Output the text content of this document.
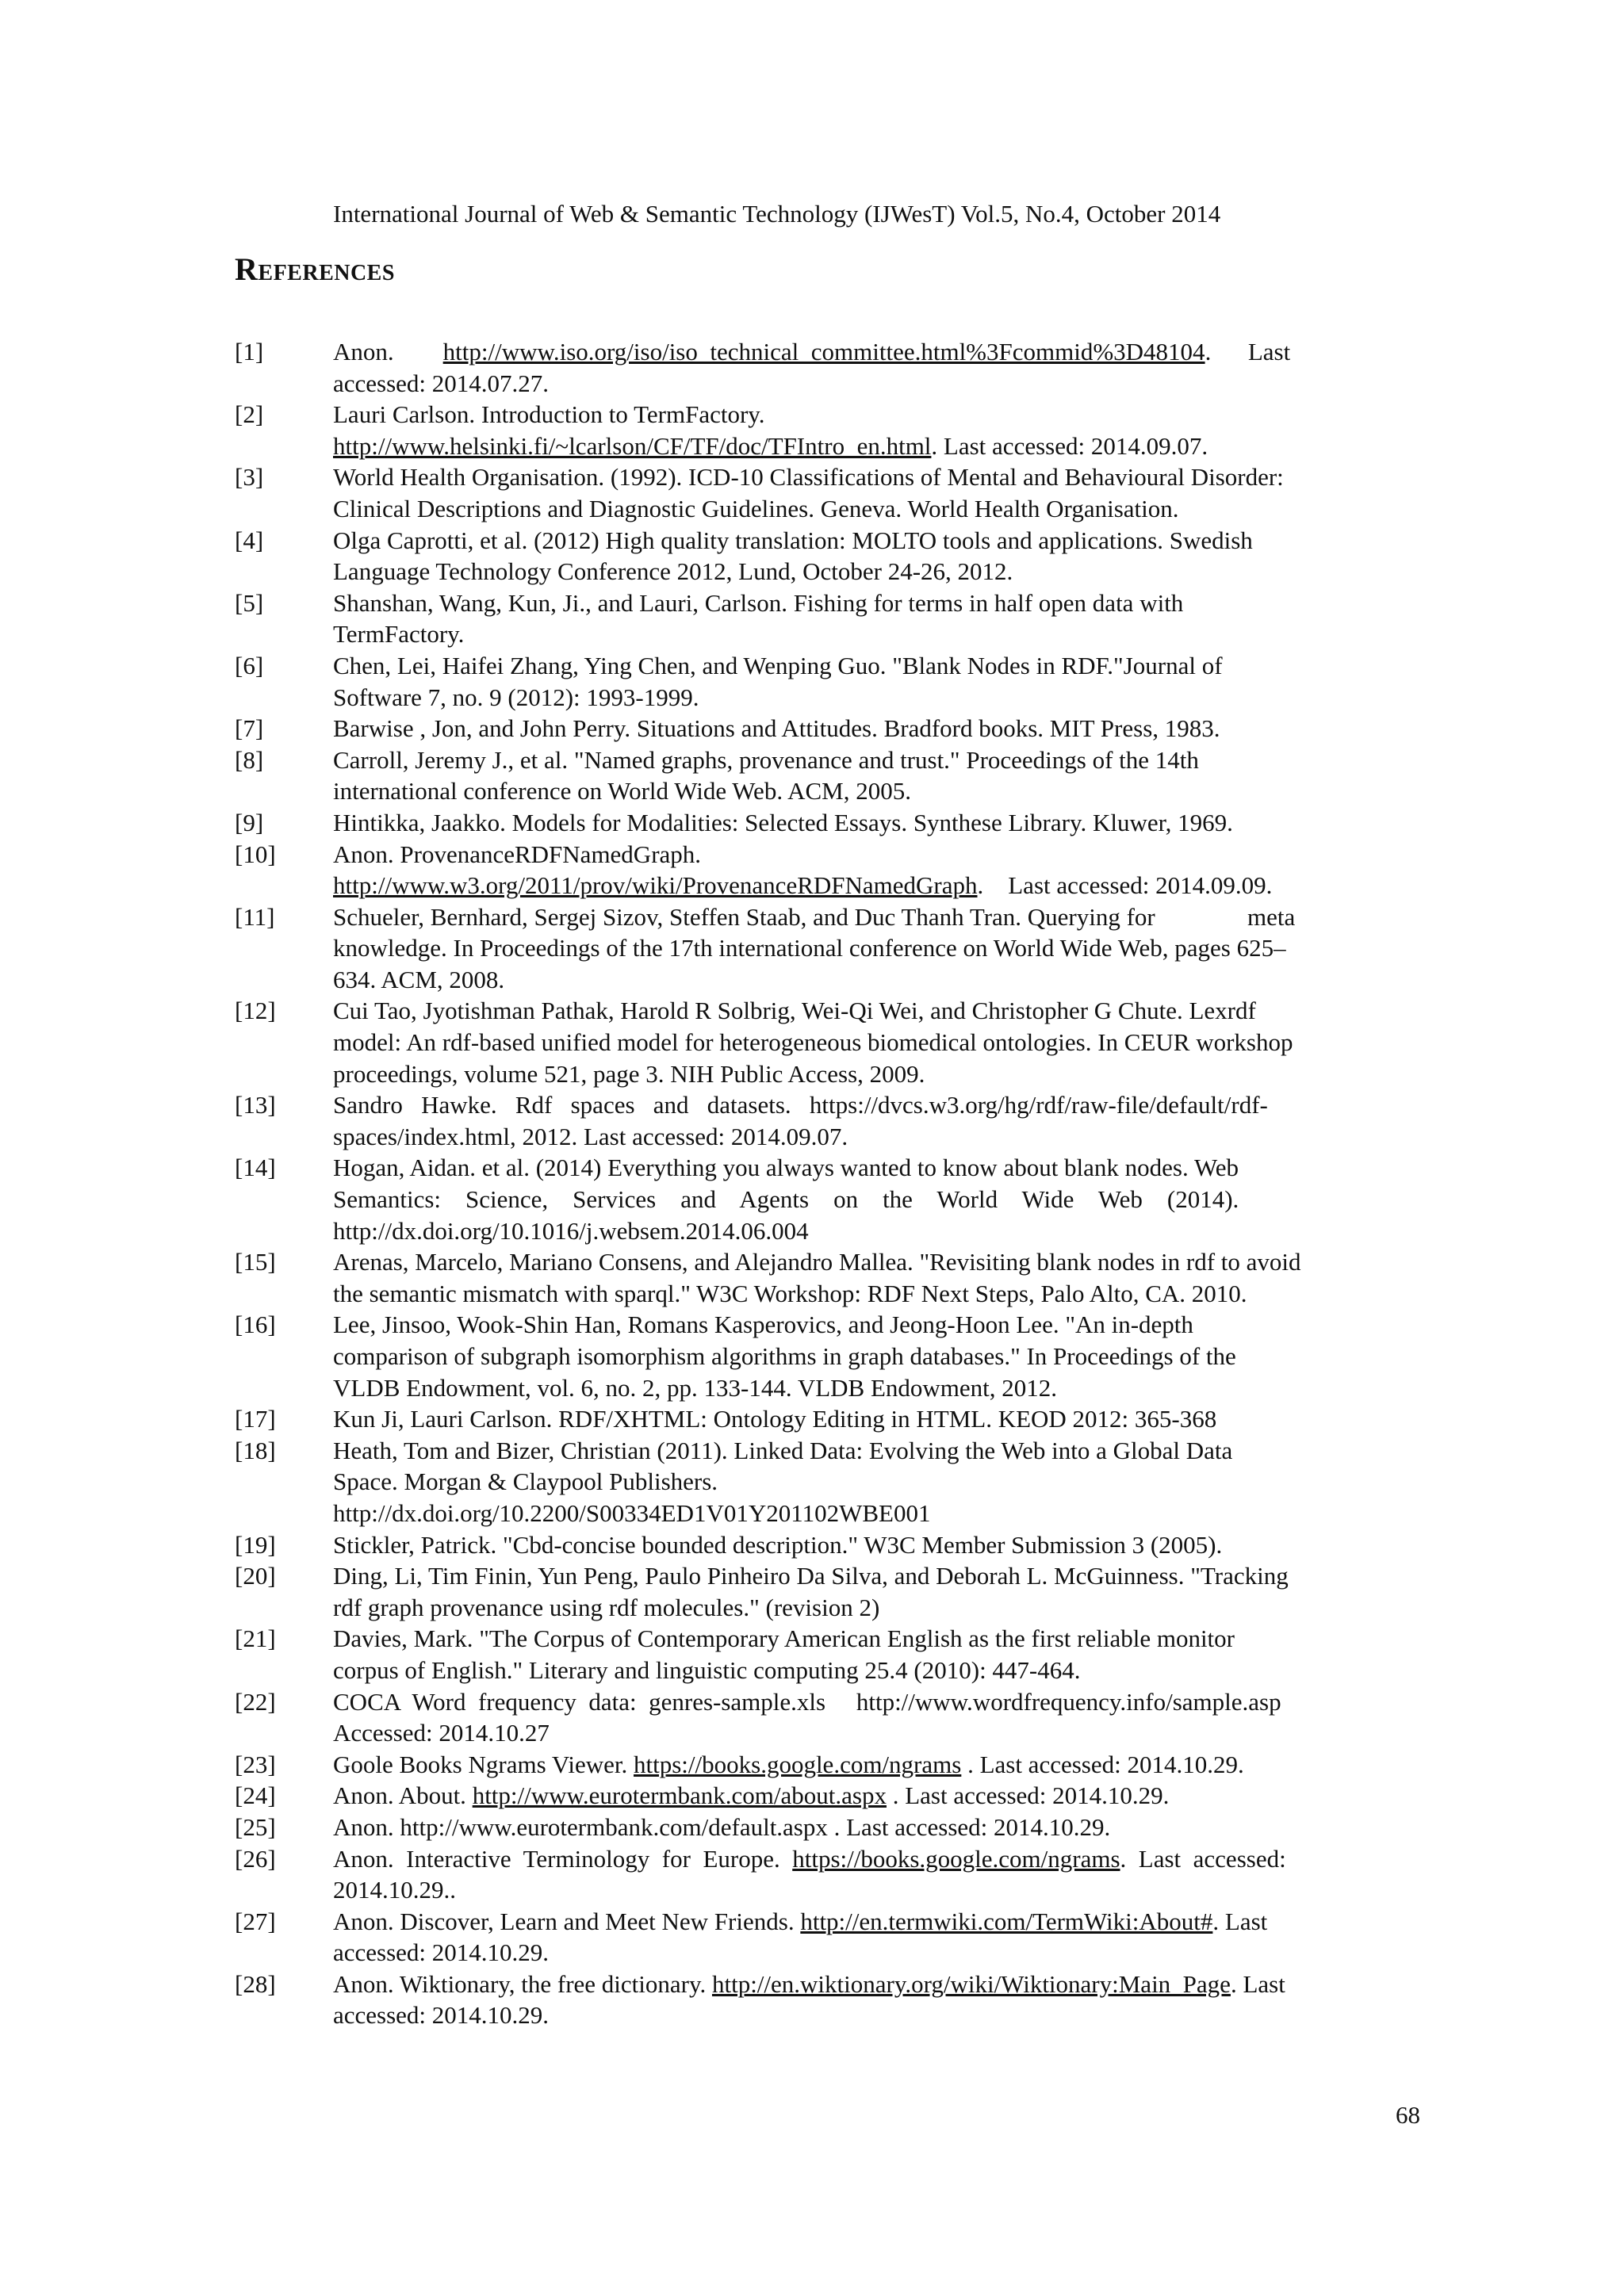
International Journal of Web & Semantic Technology (IJWesT) Vol.5, No.4, October 2014
References
[1]	Anon.        http://www.iso.org/iso/iso_technical_committee.html%3Fcommid%3D48104.      Last
accessed: 2014.07.27.
[2]	Lauri Carlson. Introduction to TermFactory.
http://www.helsinki.fi/~lcarlson/CF/TF/doc/TFIntro_en.html. Last accessed: 2014.09.07.
[3]	World Health Organisation. (1992). ICD-10 Classifications of Mental and Behavioural Disorder:
Clinical Descriptions and Diagnostic Guidelines. Geneva. World Health Organisation.
[4]	Olga Caprotti, et al. (2012) High quality translation: MOLTO tools and applications. Swedish
Language Technology Conference 2012, Lund, October 24-26, 2012.
[5]	Shanshan, Wang, Kun, Ji., and Lauri, Carlson. Fishing for terms in half open data with
TermFactory.
[6]	Chen, Lei, Haifei Zhang, Ying Chen, and Wenping Guo. "Blank Nodes in RDF."Journal of
Software 7, no. 9 (2012): 1993-1999.
[7]	Barwise , Jon, and John Perry. Situations and Attitudes. Bradford books. MIT Press, 1983.
[8]	Carroll, Jeremy J., et al. "Named graphs, provenance and trust." Proceedings of the 14th
international conference on World Wide Web. ACM, 2005.
[9]	Hintikka, Jaakko. Models for Modalities: Selected Essays. Synthese Library. Kluwer, 1969.
[10]	Anon. ProvenanceRDFNamedGraph.
http://www.w3.org/2011/prov/wiki/ProvenanceRDFNamedGraph.    Last accessed: 2014.09.09.
[11]	Schueler, Bernhard, Sergej Sizov, Steffen Staab, and Duc Thanh Tran. Querying for               meta
knowledge. In Proceedings of the 17th international conference on World Wide Web, pages 625–
634. ACM, 2008.
[12]	Cui Tao, Jyotishman Pathak, Harold R Solbrig, Wei-Qi Wei, and Christopher G Chute. Lexrdf
model: An rdf-based unified model for heterogeneous biomedical ontologies. In CEUR workshop
proceedings, volume 521, page 3. NIH Public Access, 2009.
[13]	Sandro   Hawke.   Rdf   spaces   and   datasets.   https://dvcs.w3.org/hg/rdf/raw-file/default/rdf-
spaces/index.html, 2012. Last accessed: 2014.09.07.
[14]	Hogan, Aidan. et al. (2014) Everything you always wanted to know about blank nodes. Web
Semantics:    Science,    Services    and    Agents    on    the    World    Wide    Web    (2014).
http://dx.doi.org/10.1016/j.websem.2014.06.004
[15]	Arenas, Marcelo, Mariano Consens, and Alejandro Mallea. "Revisiting blank nodes in rdf to avoid
the semantic mismatch with sparql." W3C Workshop: RDF Next Steps, Palo Alto, CA. 2010.
[16]	Lee, Jinsoo, Wook-Shin Han, Romans Kasperovics, and Jeong-Hoon Lee. "An in-depth
comparison of subgraph isomorphism algorithms in graph databases." In Proceedings of the
VLDB Endowment, vol. 6, no. 2, pp. 133-144. VLDB Endowment, 2012.
[17]	Kun Ji, Lauri Carlson. RDF/XHTML: Ontology Editing in HTML. KEOD 2012: 365-368
[18]	Heath, Tom and Bizer, Christian (2011). Linked Data: Evolving the Web into a Global Data
Space. Morgan & Claypool Publishers.
http://dx.doi.org/10.2200/S00334ED1V01Y201102WBE001
[19]	Stickler, Patrick. "Cbd-concise bounded description." W3C Member Submission 3 (2005).
[20]	Ding, Li, Tim Finin, Yun Peng, Paulo Pinheiro Da Silva, and Deborah L. McGuinness. "Tracking
rdf graph provenance using rdf molecules." (revision 2)
[21]	Davies, Mark. "The Corpus of Contemporary American English as the first reliable monitor
corpus of English." Literary and linguistic computing 25.4 (2010): 447-464.
[22]	COCA  Word  frequency  data:  genres-sample.xls     http://www.wordfrequency.info/sample.asp
Accessed: 2014.10.27
[23]	Goole Books Ngrams Viewer. https://books.google.com/ngrams . Last accessed: 2014.10.29.
[24]	Anon. About. http://www.eurotermbank.com/about.aspx . Last accessed: 2014.10.29.
[25]	Anon. http://www.eurotermbank.com/default.aspx . Last accessed: 2014.10.29.
[26]	Anon.  Interactive  Terminology  for  Europe.  https://books.google.com/ngrams.  Last  accessed:
2014.10.29..
[27]	Anon. Discover, Learn and Meet New Friends. http://en.termwiki.com/TermWiki:About#. Last
accessed: 2014.10.29.
[28]	Anon. Wiktionary, the free dictionary. http://en.wiktionary.org/wiki/Wiktionary:Main_Page. Last
accessed: 2014.10.29.
68
